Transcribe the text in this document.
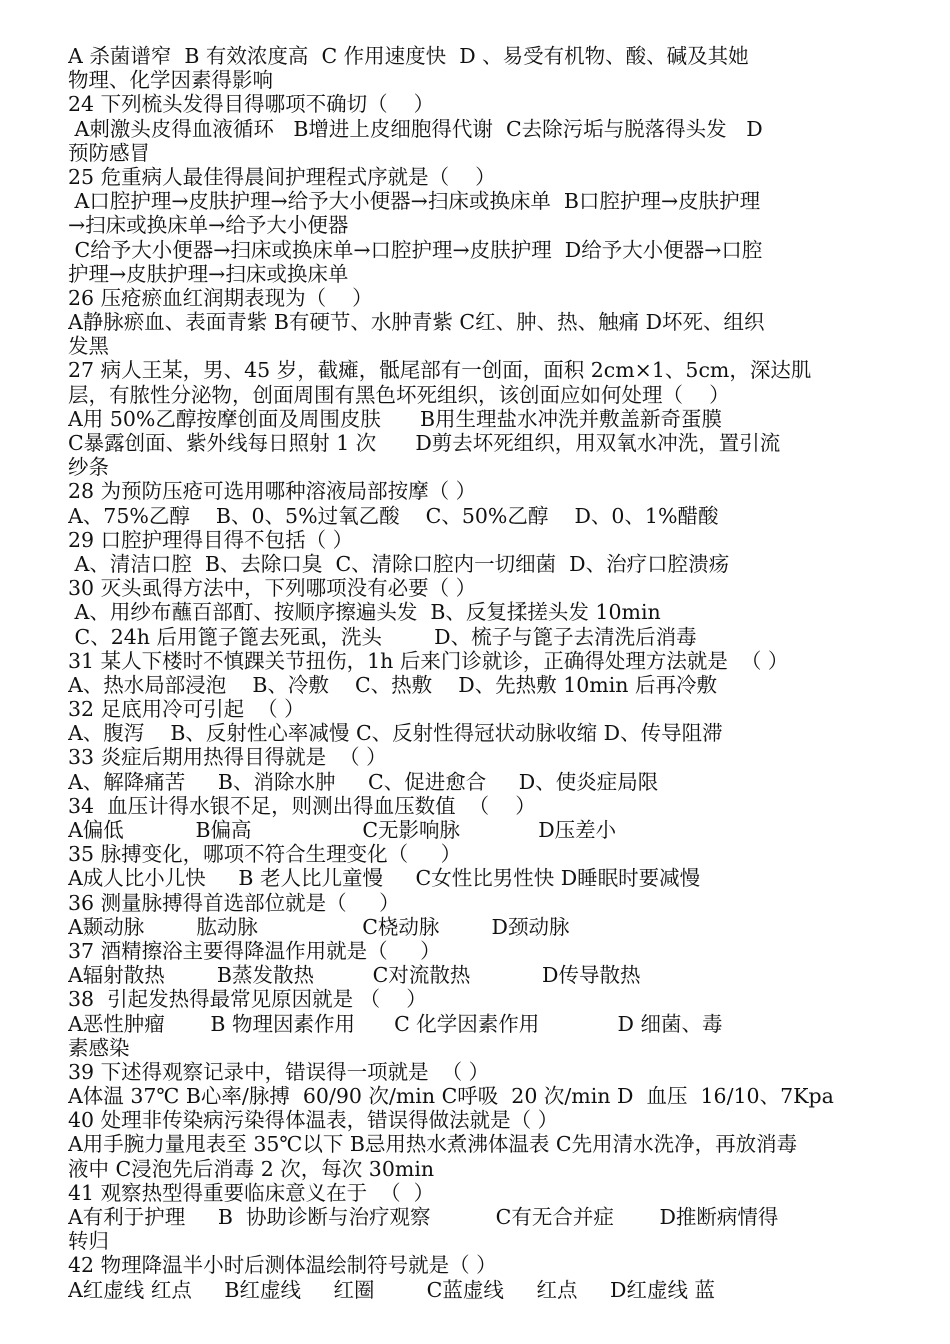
A 杀菌谱窄  B 有效浓度高  C 作用速度快  D 、易受有机物、酸、碱及其她
物理、化学因素得影响
24 下列梳头发得目得哪项不确切（    ）
A刺激头皮得血液循环   B增进上皮细胞得代谢  C去除污垢与脱落得头发   D
预防感冒
25 危重病人最佳得晨间护理程式序就是（    ）
A口腔护理→皮肤护理→给予大小便器→扫床或换床单  B口腔护理→皮肤护理
→扫床或换床单→给予大小便器
C给予大小便器→扫床或换床单→口腔护理→皮肤护理  D给予大小便器→口腔
护理→皮肤护理→扫床或换床单
26 压疮瘀血红润期表现为（    ）
A静脉瘀血、表面青紫 B有硬节、水肿青紫 C红、肿、热、触痛 D坏死、组织
发黑
27 病人王某，男、45 岁，截瘫，骶尾部有一创面，面积 2cm×1、5cm，深达肌
层，有脓性分泌物，创面周围有黑色坏死组织，该创面应如何处理（    ）
A用 50%乙醇按摩创面及周围皮肤      B用生理盐水冲洗并敷盖新奇蛋膜
C暴露创面、紫外线每日照射 1 次      D剪去坏死组织，用双氧水冲洗，置引流
纱条
28 为预防压疮可选用哪种溶液局部按摩（ ）
A、75%乙醇    B、0、5%过氧乙酸    C、50%乙醇    D、0、1%醋酸
29 口腔护理得目得不包括（ ）
A、清洁口腔  B、去除口臭  C、清除口腔内一切细菌  D、治疗口腔溃疡
30 灭头虱得方法中，下列哪项没有必要（ ）
A、用纱布蘸百部酊、按顺序擦遍头发  B、反复揉搓头发 10min
C、24h 后用篦子篦去死虱，洗头        D、梳子与篦子去清洗后消毒
31 某人下楼时不慎踝关节扭伤，1h 后来门诊就诊，正确得处理方法就是  （ ）
A、热水局部浸泡    B、冷敷    C、热敷    D、先热敷 10min 后再冷敷
32 足底用冷可引起  （ ）
A、腹泻    B、反射性心率减慢 C、反射性得冠状动脉收缩 D、传导阻滞
33 炎症后期用热得目得就是  （ ）
A、解降痛苦     B、消除水肿     C、促进愈合     D、使炎症局限
34  血压计得水银不足，则测出得血压数值  （    ）
A偏低           B偏高                 C无影响脉            D压差小
35 脉搏变化，哪项不符合生理变化（     ）
A成人比小儿快     B 老人比儿童慢     C女性比男性快 D睡眠时要减慢
36 测量脉搏得首选部位就是（     ）
A颞动脉        肱动脉                C桡动脉        D颈动脉
37 酒精擦浴主要得降温作用就是（     ）
A辐射散热        B蒸发散热         C对流散热           D传导散热
38  引起发热得最常见原因就是 （    ）
A恶性肿瘤       B 物理因素作用      C 化学因素作用            D 细菌、毒
素感染
39 下述得观察记录中，错误得一项就是  （ ）
A体温 37℃ B心率/脉搏  60/90 次/min C呼吸  20 次/min D  血压  16/10、7Kpa
40 处理非传染病污染得体温表，错误得做法就是（ ）
A用手腕力量甩表至 35℃以下 B忌用热水煮沸体温表 C先用清水洗净，再放消毒
液中 C浸泡先后消毒 2 次，每次 30min
41 观察热型得重要临床意义在于  （  ）
A有利于护理     B  协助诊断与治疗观察          C有无合并症       D推断病情得
转归
42 物理降温半小时后测体温绘制符号就是（ ）
A红虚线 红点     B红虚线     红圈        C蓝虚线     红点     D红虚线 蓝
